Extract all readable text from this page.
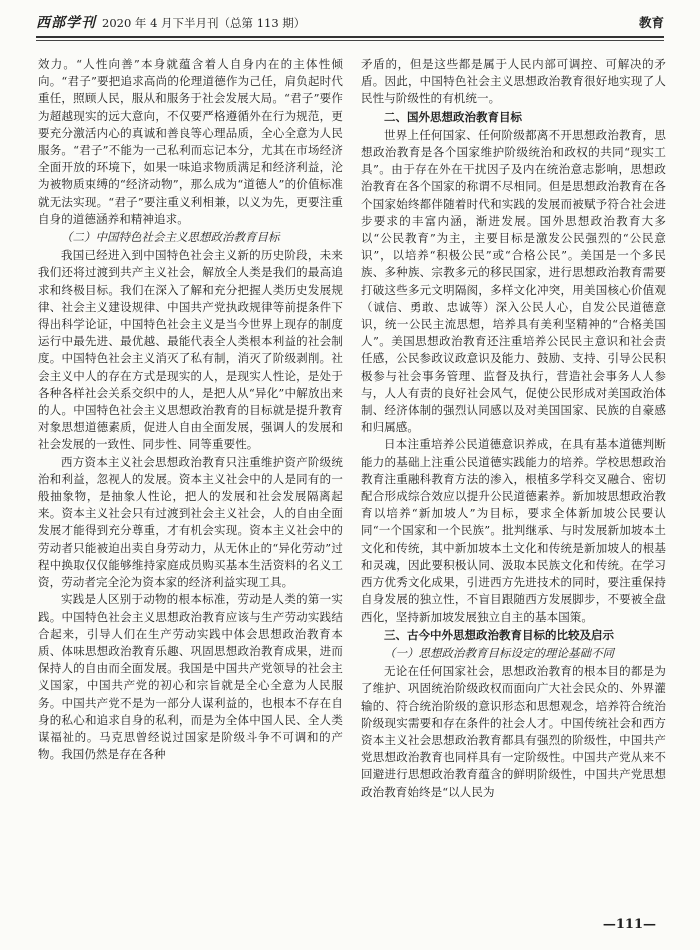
西部学刊 2020 年 4 月下半月刊（总第 113 期）	教育

效力。“人性向善”本身就蕴含着人自身内在的主体性倾向。“君子”要把追求高尚的伦理道德作为己任，肩负起时代重任，照顾人民，服从和服务于社会发展大局。“君子”要作为超越现实的远大意向，不仅要严格遵循外在行为规范，更要充分激活内心的真诚和善良等心理品质，全心全意为人民服务。“君子”不能为一己私利而忘记本分，尤其在市场经济全面开放的环境下，如果一味追求物质满足和经济利益，沦为被物质束缚的“经济动物”，那么成为“道德人”的价值标准就无法实现。“君子”要注重义利相兼，以义为先，更要注重自身的道德涵养和精神追求。

（二）中国特色社会主义思想政治教育目标

我国已经进入到中国特色社会主义新的历史阶段，未来我们还将过渡到共产主义社会，解放全人类是我们的最高追求和终极目标。我们在深入了解和充分把握人类历史发展规律、社会主义建设规律、中国共产党执政规律等前提条件下得出科学论证，中国特色社会主义是当今世界上现存的制度运行中最先进、最优越、最能代表全人类根本利益的社会制度。中国特色社会主义消灭了私有制，消灭了阶级剥削。社会主义中人的存在方式是现实的人，是现实人性论，是处于各种各样社会关系交织中的人，是把人从“异化”中解放出来的人。中国特色社会主义思想政治教育的目标就是提升教育对象思想道德素质，促进人自由全面发展，强调人的发展和社会发展的一致性、同步性、同等重要性。

西方资本主义社会思想政治教育只注重维护资产阶级统治和利益，忽视人的发展。资本主义社会中的人是同有的一般抽象物，是抽象人性论，把人的发展和社会发展隔离起来。资本主义社会只有过渡到社会主义社会，人的自由全面发展才能得到充分尊重，才有机会实现。资本主义社会中的劳动者只能被迫出卖自身劳动力，从无休止的“异化劳动”过程中换取仅仅能够维持家庭成员购买基本生活资料的名义工资，劳动者完全沦为资本家的经济利益实现工具。

实践是人区别于动物的根本标准，劳动是人类的第一实践。中国特色社会主义思想政治教育应该与生产劳动实践结合起来，引导人们在生产劳动实践中体会思想政治教育本质、体味思想政治教育乐趣、巩固思想政治教育成果，进而保持人的自由而全面发展。我国是中国共产党领导的社会主义国家，中国共产党的初心和宗旨就是全心全意为人民服务。中国共产党不是为一部分人谋利益的，也根本不存在自身的私心和追求自身的私利，而是为全体中国人民、全人类谋福祉的。马克思曾经说过国家是阶级斗争不可调和的产物。我国仍然是存在各种

矛盾的，但是这些都是属于人民内部可调控、可解决的矛盾。因此，中国特色社会主义思想政治教育很好地实现了人民性与阶级性的有机统一。

二、国外思想政治教育目标

世界上任何国家、任何阶级都离不开思想政治教育，思想政治教育是各个国家维护阶级统治和政权的共同“现实工具”。由于存在外在干扰因子及内在统治意志影响，思想政治教育在各个国家的称谓不尽相同。但是思想政治教育在各个国家始终都伴随着时代和实践的发展而被赋予符合社会进步要求的丰富内涵，渐进发展。国外思想政治教育大多以“公民教育”为主，主要目标是激发公民强烈的“公民意识”，以培养“积极公民”或“合格公民”。美国是一个多民族、多种族、宗教多元的移民国家，进行思想政治教育需要打破这些多元文明隔阂，多样文化冲突，用美国核心价值观（诚信、勇敢、忠诚等）深入公民人心，自发公民道德意识，统一公民主流思想，培养具有美利坚精神的“合格美国人”。美国思想政治教育还注重培养公民民主意识和社会责任感，公民参政议政意识及能力、鼓励、支持、引导公民积极参与社会事务管理、监督及执行，营造社会事务人人参与，人人有责的良好社会风气，促使公民形成对美国政治体制、经济体制的强烈认同感以及对美国国家、民族的自豪感和归属感。

日本注重培养公民道德意识养成，在具有基本道德判断能力的基础上注重公民道德实践能力的培养。学校思想政治教育注重融科教育方法的渗入，根植多学科交叉融合、密切配合形成综合效应以提升公民道德素养。新加坡思想政治教育以培养“新加坡人”为目标，要求全体新加坡公民要认同“一个国家和一个民族”。批判继承、与时发展新加坡本土文化和传统，其中新加坡本土文化和传统是新加坡人的根基和灵魂，因此要积极认同、汲取本民族文化和传统。在学习西方优秀文化成果，引进西方先进技术的同时，要注重保持自身发展的独立性，不盲目跟随西方发展脚步，不要被全盘西化，坚持新加坡发展独立自主的基本国策。

三、古今中外思想政治教育目标的比较及启示
（一）思想政治教育目标设定的理论基础不同

无论在任何国家社会，思想政治教育的根本目的都是为了维护、巩固统治阶级政权而面向广大社会民众的、外界灌输的、符合统治阶级的意识形态和思想观念，培养符合统治阶级现实需要和存在条件的社会人才。中国传统社会和西方资本主义社会思想政治教育都具有强烈的阶级性，中国共产党思想政治教育也同样具有一定阶级性。中国共产党从来不回避进行思想政治教育蕴含的鲜明阶级性，中国共产党思想政治教育始终是“以人民为

—111—
